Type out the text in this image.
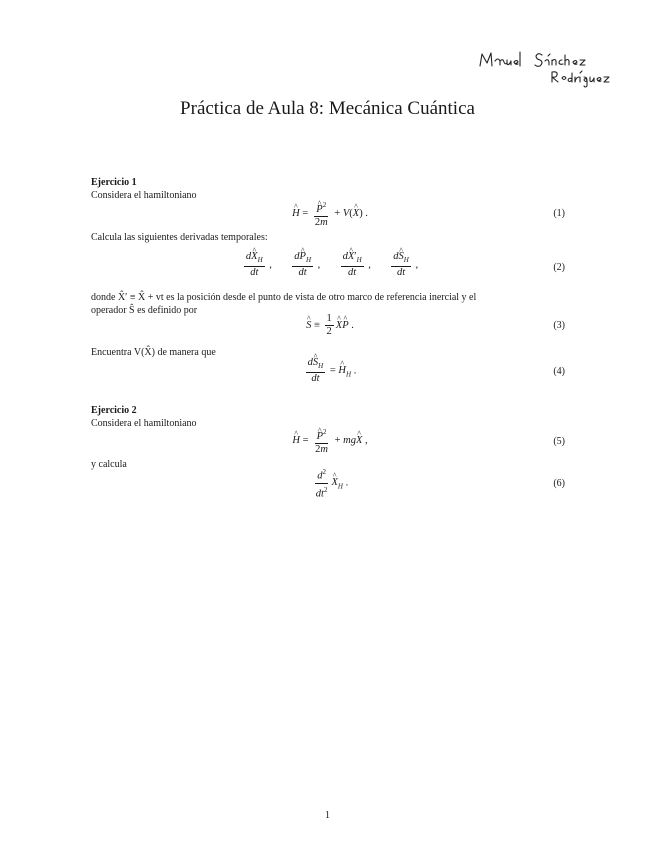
Práctica de Aula 8: Mecánica Cuántica
Ejercicio 1
Considera el hamiltoniano
^ H = ^ $\frac{P^2}{2m}$ + V(^ X) .	(1)
Calcula las siguientes derivadas temporales:
$\frac{d\^{} X_H}{dt}$ , $\frac{d\^{} P_H}{dt}$ , $\frac{d\^{} X'_H}{dt}$ , $\frac{d\^{} S_H}{dt}$ ,	(2)
donde X̂′ ≡ X̂ + vt es la posición desde el punto de vista de otro marco de referencia inercial y el
operador Ŝ es definido por
^ $S \equiv \frac{1}{2}$ ^ X^ P .	(3)
Encuentra V(X̂) de manera que
$\frac{d\^{} S_H}{dt}$ = ^ $H_H$ .	(4)
Ejercicio 2
Considera el hamiltoniano
^ H = ^ $\frac{P^2}{2m}$ + mg^ X ,	(5)
y calcula
$\frac{d^2}{dt^2}$ ^ $X_H$ .	(6)
1
